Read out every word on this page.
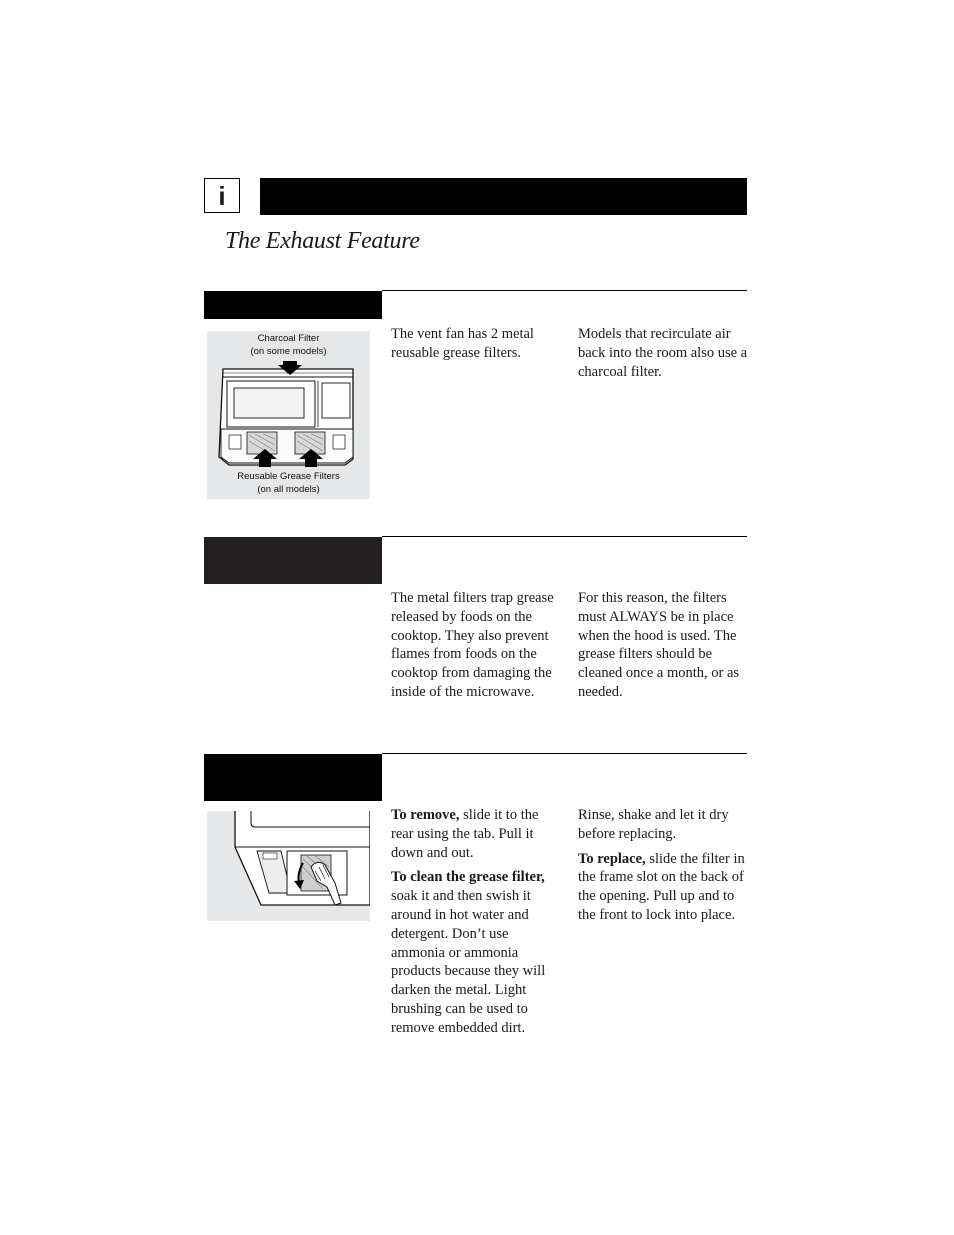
i
The Exhaust Feature
Charcoal Filter
(on some models)
Reusable Grease Filters
(on all models)

The vent fan has 2 metal reusable grease filters.

Models that recirculate air back into the room also use a charcoal filter.

The metal filters trap grease released by foods on the cooktop. They also prevent flames from foods on the cooktop from damaging the inside of the microwave.

For this reason, the filters must ALWAYS be in place when the hood is used. The grease filters should be cleaned once a month, or as needed.

To remove, slide it to the rear using the tab. Pull it down and out.

To clean the grease filter, soak it and then swish it around in hot water and detergent. Don’t use ammonia or ammonia products because they will darken the metal. Light brushing can be used to remove embedded dirt.

Rinse, shake and let it dry before replacing.

To replace, slide the filter in the frame slot on the back of the opening. Pull up and to the front to lock into place.
